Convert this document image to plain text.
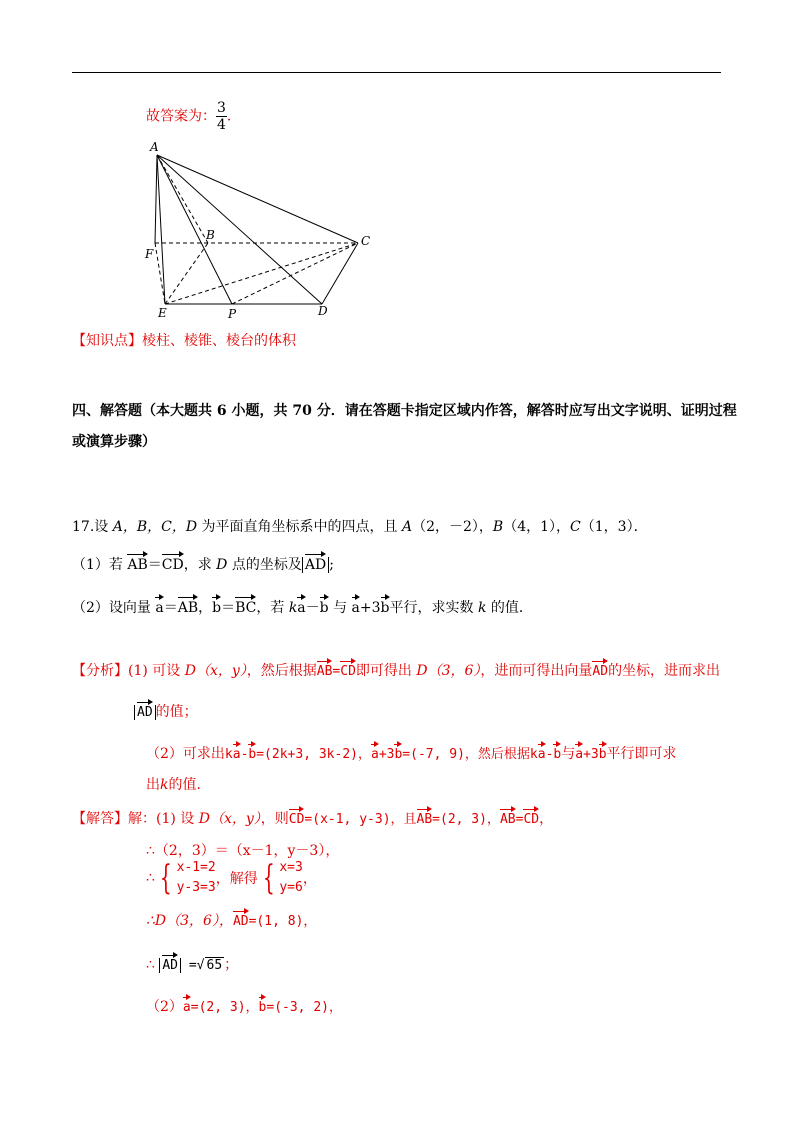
故答案为： $\frac{3}{4}$ .
A
B	C
F
E	P	D
【知识点】棱柱、棱锥、棱台的体积
四、解答题（本大题共 6 小题，共 70 分．请在答题卡指定区域内作答，解答时应写出文字说明、证明过程
或演算步骤）
17.设 A，B，C，D 为平面直角坐标系中的四点，且 A（2，－2），B（4，1），C（1，3）．
（1）若 AB＝CD，求 D 点的坐标及 AD ;
（2）设向量 a＝AB，b＝BC，若 ka－b 与 a+3b平行，求实数 k 的值．
【分析】(1) 可设 D（x，y），然后根据AB=CD即可得出 D（3，6），进而可得出向量AD的坐标，进而求出
AD 的值；
（2）可求出ka-b=(2k+3, 3k-2)，a+3b=(-7, 9)，然后根据ka-b与a+3b平行即可求
出k的值．
【解答】解：(1) 设 D（x，y），则CD=(x-1, y-3)，且AB=(2, 3)，AB=CD，
∴（2，3）＝（x－1，y－3），
∴ { x-1=2
y-3=3
，解得 { x=3
y=6
，
∴D（3，6），AD=(1, 8)，
∴ AD =√ 65 ；
（2）a=(2, 3)，b=(-3, 2)，
